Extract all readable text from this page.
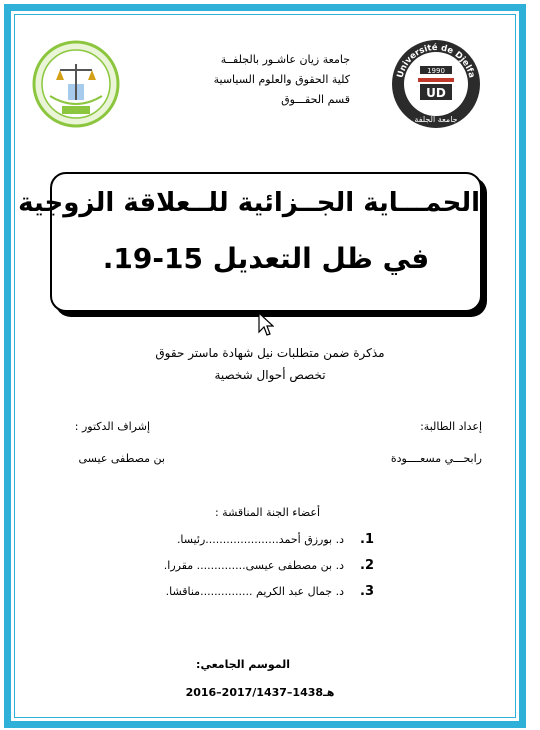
جامعة زيان عاشـور بالجلفــة
كلية الحقوق والعلوم السياسية
قسم الحقـــوق
Université de Djelfa
1990
UD
جامعة الجلفة
الحمـــاية الجــزائية للــعلاقة الزوجية
في ظل التعديل 15-19.
مذكرة ضمن متطلبات نيل شهادة ماستر حقوق
تخصص أحوال شخصية
إعداد الطالبة:
رابحـــي مسعــــودة
إشراف الدكتور :
بن مصطفى عيسى
أعضاء الجنة المناقشة :
1.د. بورزق أحمد.....................رئيسا.
2.د. بن مصطفى عيسى.............. مقررا.
3.د. جمال عبد الكريم ...............مناقشا.
الموسم الجامعي:
2016–2017/1437–1438هـ
